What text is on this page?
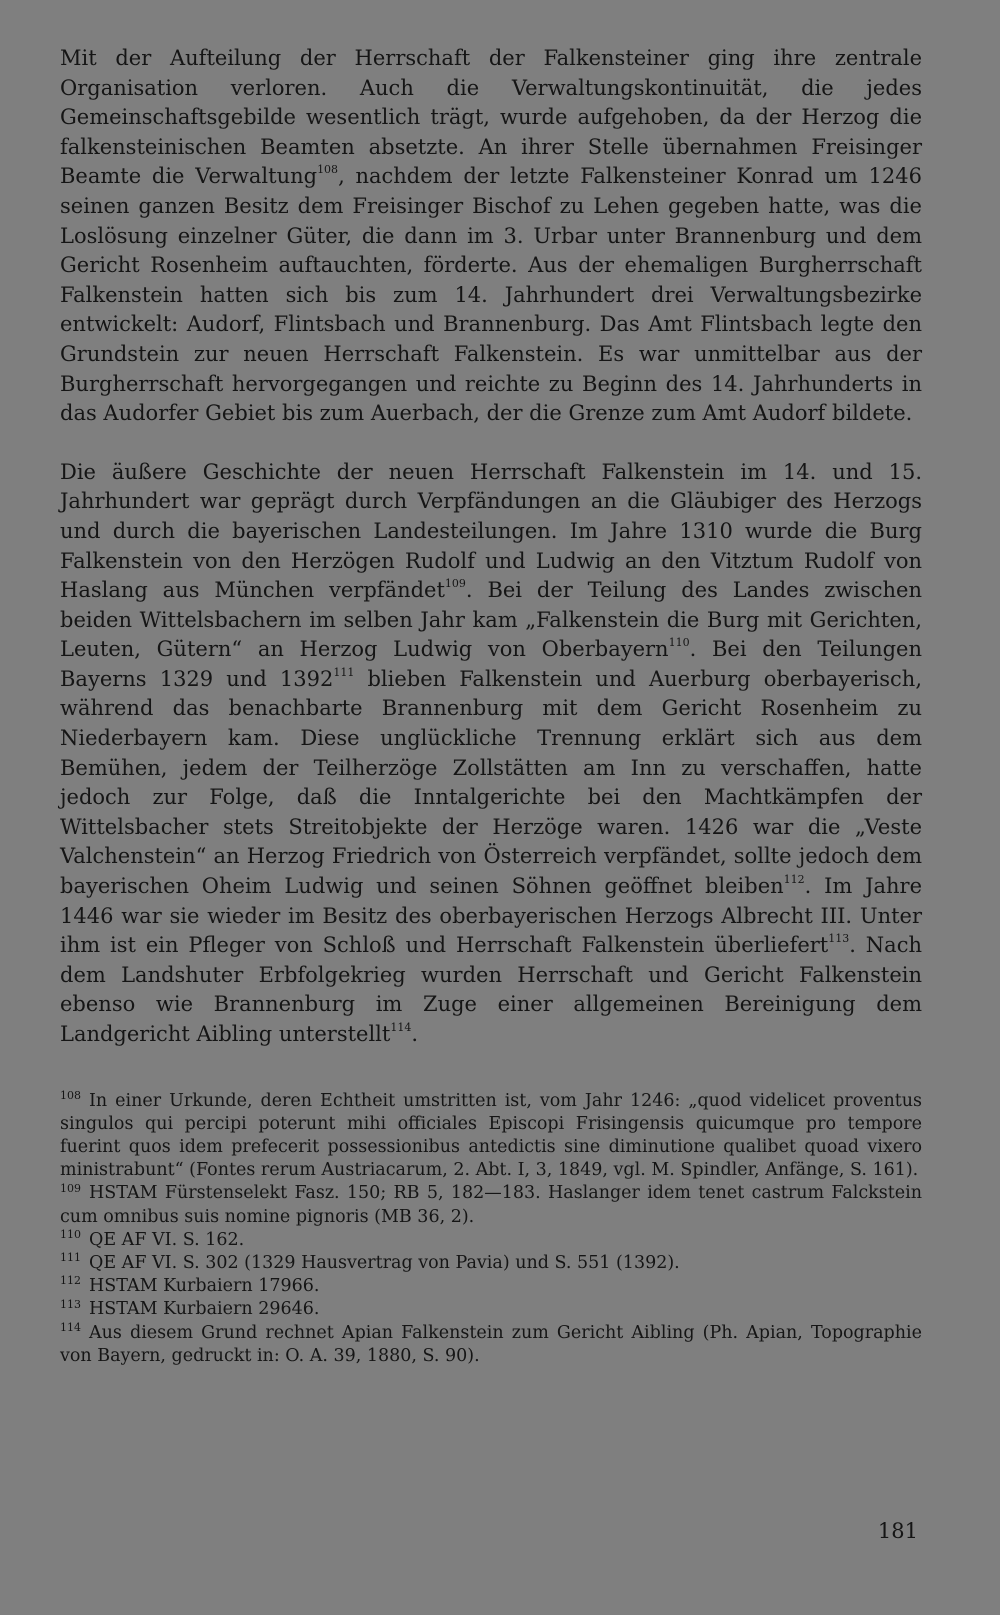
Mit der Aufteilung der Herrschaft der Falkensteiner ging ihre zentrale Organisation verloren. Auch die Verwaltungskontinuität, die jedes Gemeinschaftsgebilde wesentlich trägt, wurde aufgehoben, da der Herzog die falkensteinischen Beamten absetzte. An ihrer Stelle übernahmen Freisinger Beamte die Verwaltung$^{108}$, nachdem der letzte Falkensteiner Konrad um 1246 seinen ganzen Besitz dem Freisinger Bischof zu Lehen gegeben hatte, was die Loslösung einzelner Güter, die dann im 3. Urbar unter Brannenburg und dem Gericht Rosenheim auftauchten, förderte. Aus der ehemaligen Burgherrschaft Falkenstein hatten sich bis zum 14. Jahrhundert drei Verwaltungsbezirke entwickelt: Audorf, Flintsbach und Brannenburg. Das Amt Flintsbach legte den Grundstein zur neuen Herrschaft Falkenstein. Es war unmittelbar aus der Burgherrschaft hervorgegangen und reichte zu Beginn des 14. Jahrhunderts in das Audorfer Gebiet bis zum Auerbach, der die Grenze zum Amt Audorf bildete.

Die äußere Geschichte der neuen Herrschaft Falkenstein im 14. und 15. Jahrhundert war geprägt durch Verpfändungen an die Gläubiger des Herzogs und durch die bayerischen Landesteilungen. Im Jahre 1310 wurde die Burg Falkenstein von den Herzögen Rudolf und Ludwig an den Vitztum Rudolf von Haslang aus München verpfändet$^{109}$. Bei der Teilung des Landes zwischen beiden Wittelsbachern im selben Jahr kam „Falkenstein die Burg mit Gerichten, Leuten, Gütern“ an Herzog Ludwig von Oberbayern$^{110}$. Bei den Teilungen Bayerns 1329 und 1392$^{111}$ blieben Falkenstein und Auerburg oberbayerisch, während das benachbarte Brannenburg mit dem Gericht Rosenheim zu Niederbayern kam. Diese unglückliche Trennung erklärt sich aus dem Bemühen, jedem der Teilherzöge Zollstätten am Inn zu verschaffen, hatte jedoch zur Folge, daß die Inntalgerichte bei den Machtkämpfen der Wittelsbacher stets Streitobjekte der Herzöge waren. 1426 war die „Veste Valchenstein“ an Herzog Friedrich von Österreich verpfändet, sollte jedoch dem bayerischen Oheim Ludwig und seinen Söhnen geöffnet bleiben$^{112}$. Im Jahre 1446 war sie wieder im Besitz des oberbayerischen Herzogs Albrecht III. Unter ihm ist ein Pfleger von Schloß und Herrschaft Falkenstein überliefert$^{113}$. Nach dem Landshuter Erbfolgekrieg wurden Herrschaft und Gericht Falkenstein ebenso wie Brannenburg im Zuge einer allgemeinen Bereinigung dem Landgericht Aibling unterstellt$^{114}$.

$^{108}$ In einer Urkunde, deren Echtheit umstritten ist, vom Jahr 1246: „quod videlicet proventus singulos qui percipi poterunt mihi officiales Episcopi Frisingensis quicumque pro tempore fuerint quos idem prefecerit possessionibus antedictis sine diminutione qualibet quoad vixero ministrabunt“ (Fontes rerum Austriacarum, 2. Abt. I, 3, 1849, vgl. M. Spindler, Anfänge, S. 161).

$^{109}$ HSTAM Fürstenselekt Fasz. 150; RB 5, 182—183. Haslanger idem tenet castrum Falckstein cum omnibus suis nomine pignoris (MB 36, 2).

$^{110}$ QE AF VI. S. 162.

$^{111}$ QE AF VI. S. 302 (1329 Hausvertrag von Pavia) und S. 551 (1392).

$^{112}$ HSTAM Kurbaiern 17966.

$^{113}$ HSTAM Kurbaiern 29646.

$^{114}$ Aus diesem Grund rechnet Apian Falkenstein zum Gericht Aibling (Ph. Apian, Topographie von Bayern, gedruckt in: O. A. 39, 1880, S. 90).

181
